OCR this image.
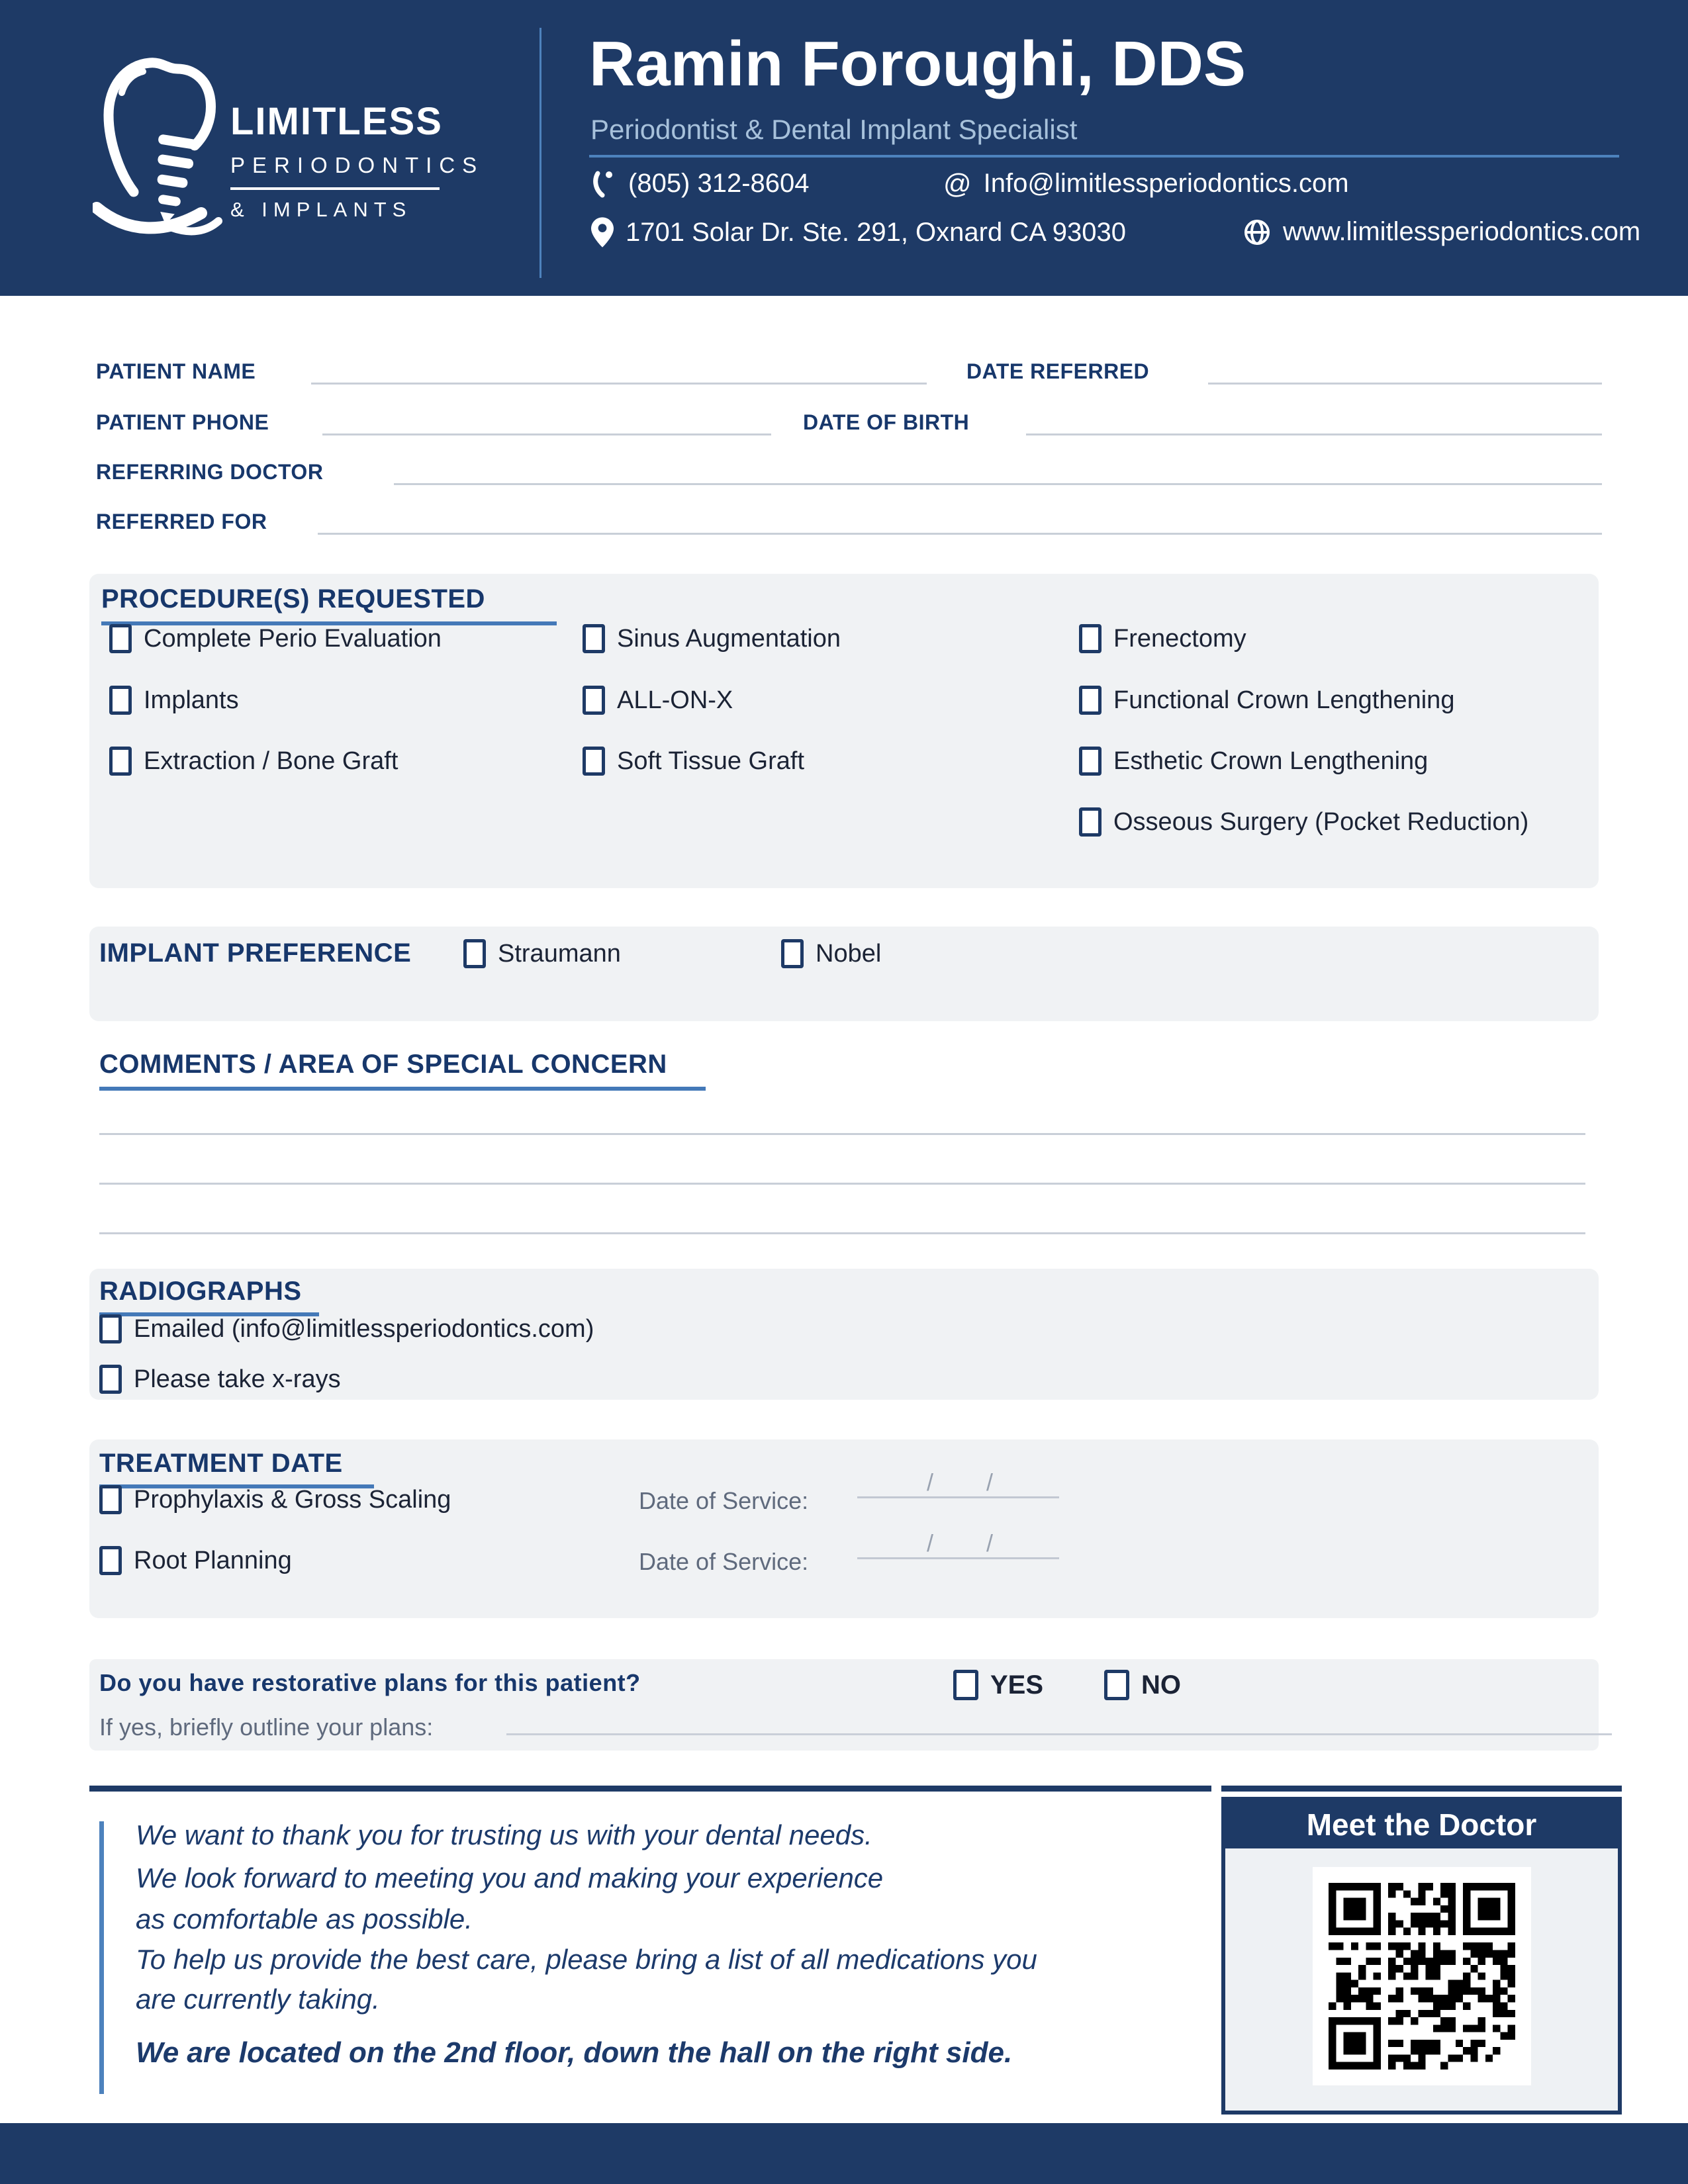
LIMITLESS
PERIODONTICS
& IMPLANTS
Ramin Foroughi, DDS
Periodontist & Dental Implant Specialist
(805) 312-8604	@ Info@limitlessperiodontics.com
1701 Solar Dr. Ste. 291, Oxnard CA 93030	www.limitlessperiodontics.com
PATIENT NAME	DATE REFERRED
PATIENT PHONE	DATE OF BIRTH
REFERRING DOCTOR
REFERRED FOR
PROCEDURE(S) REQUESTED
Complete Perio Evaluation
Implants
Extraction / Bone Graft
Sinus Augmentation
ALL-ON-X
Soft Tissue Graft
Frenectomy
Functional Crown Lengthening
Esthetic Crown Lengthening
Osseous Surgery (Pocket Reduction)
IMPLANT PREFERENCE	Straumann	Nobel
COMMENTS / AREA OF SPECIAL CONCERN
RADIOGRAPHS
Emailed (info@limitlessperiodontics.com)
Please take x-rays
TREATMENT DATE
Prophylaxis & Gross Scaling	Date of Service:
/ /
Root Planning	Date of Service:
/ /
Do you have restorative plans for this patient?	YES	NO
If yes, briefly outline your plans:
We want to thank you for trusting us with your dental needs.
We look forward to meeting you and making your experience
as comfortable as possible.
To help us provide the best care, please bring a list of all medications you
are currently taking.
We are located on the 2nd floor, down the hall on the right side.
Meet the Doctor
